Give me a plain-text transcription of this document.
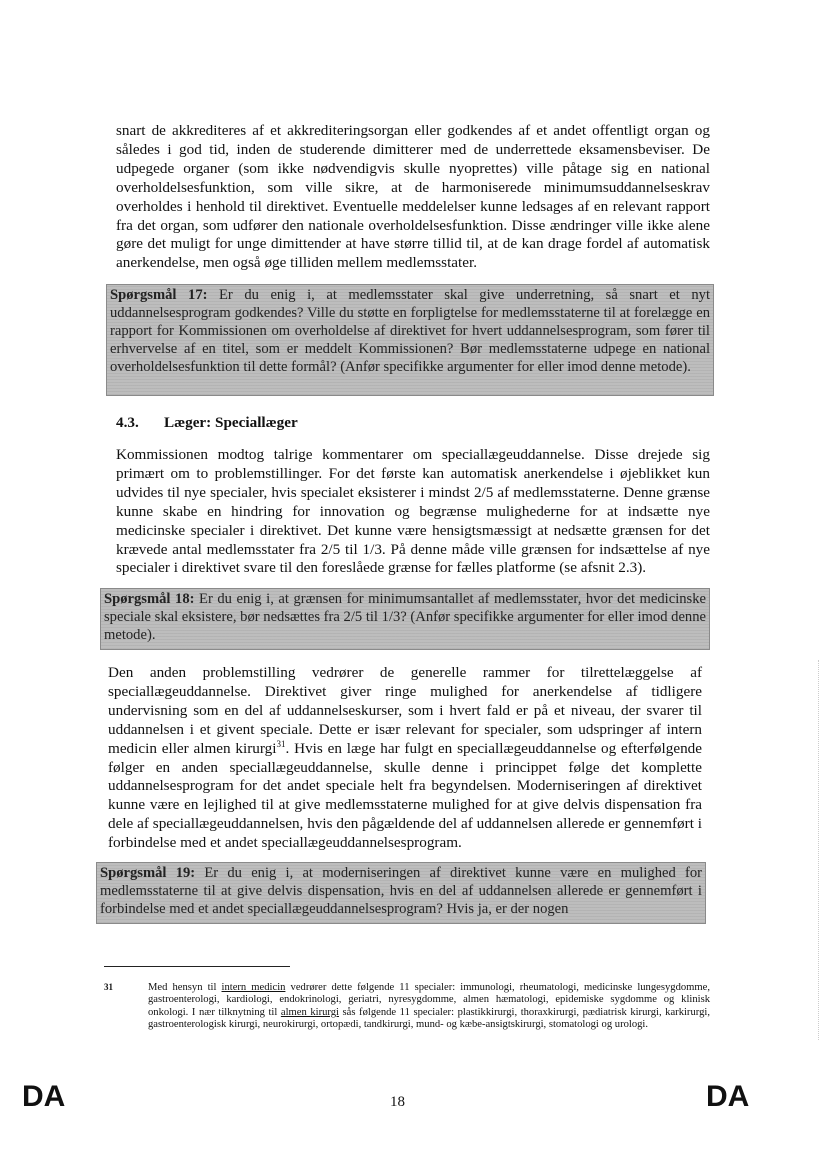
snart de akkrediteres af et akkrediteringsorgan eller godkendes af et andet offentligt organ og således i god tid, inden de studerende dimitterer med de underrettede eksamensbeviser. De udpegede organer (som ikke nødvendigvis skulle nyoprettes) ville påtage sig en national overholdelsesfunktion, som ville sikre, at de harmoniserede minimumsuddannelseskrav overholdes i henhold til direktivet. Eventuelle meddelelser kunne ledsages af en relevant rapport fra det organ, som udfører den nationale overholdelsesfunktion. Disse ændringer ville ikke alene gøre det muligt for unge dimittender at have større tillid til, at de kan drage fordel af automatisk anerkendelse, men også øge tilliden mellem medlemsstater.

Spørgsmål 17: Er du enig i, at medlemsstater skal give underretning, så snart et nyt uddannelsesprogram godkendes? Ville du støtte en forpligtelse for medlemsstaterne til at forelægge en rapport for Kommissionen om overholdelse af direktivet for hvert uddannelsesprogram, som fører til erhvervelse af en titel, som er meddelt Kommissionen? Bør medlemsstaterne udpege en national overholdelsesfunktion til dette formål? (Anfør specifikke argumenter for eller imod denne metode).
4.3. Læger: Speciallæger

Kommissionen modtog talrige kommentarer om speciallægeuddannelse. Disse drejede sig primært om to problemstillinger. For det første kan automatisk anerkendelse i øjeblikket kun udvides til nye specialer, hvis specialet eksisterer i mindst 2/5 af medlemsstaterne. Denne grænse kunne skabe en hindring for innovation og begrænse mulighederne for at indsætte nye medicinske specialer i direktivet. Det kunne være hensigtsmæssigt at nedsætte grænsen for det krævede antal medlemsstater fra 2/5 til 1/3. På denne måde ville grænsen for indsættelse af nye specialer i direktivet svare til den foreslåede grænse for fælles platforme (se afsnit 2.3).

Spørgsmål 18: Er du enig i, at grænsen for minimumsantallet af medlemsstater, hvor det medicinske speciale skal eksistere, bør nedsættes fra 2/5 til 1/3? (Anfør specifikke argumenter for eller imod denne metode).

Den anden problemstilling vedrører de generelle rammer for tilrettelæggelse af speciallægeuddannelse. Direktivet giver ringe mulighed for anerkendelse af tidligere undervisning som en del af uddannelseskurser, som i hvert fald er på et niveau, der svarer til uddannelsen i et givent speciale. Dette er især relevant for specialer, som udspringer af intern medicin eller almen kirurgi$^{31}$. Hvis en læge har fulgt en speciallægeuddannelse og efterfølgende følger en anden speciallægeuddannelse, skulle denne i princippet følge det komplette uddannelsesprogram for det andet speciale helt fra begyndelsen. Moderniseringen af direktivet kunne være en lejlighed til at give medlemsstaterne mulighed for at give delvis dispensation fra dele af speciallægeuddannelsen, hvis den pågældende del af uddannelsen allerede er gennemført i forbindelse med et andet speciallægeuddannelsesprogram.

Spørgsmål 19: Er du enig i, at moderniseringen af direktivet kunne være en mulighed for medlemsstaterne til at give delvis dispensation, hvis en del af uddannelsen allerede er gennemført i forbindelse med et andet speciallægeuddannelsesprogram? Hvis ja, er der nogen
31	Med hensyn til intern medicin vedrører dette følgende 11 specialer: immunologi, rheumatologi, medicinske lungesygdomme, gastroenterologi, kardiologi, endokrinologi, geriatri, nyresygdomme, almen hæmatologi, epidemiske sygdomme og klinisk onkologi. I nær tilknytning til almen kirurgi sås følgende 11 specialer: plastikkirurgi, thoraxkirurgi, pædiatrisk kirurgi, karkirurgi, gastroenterologisk kirurgi, neurokirurgi, ortopædi, tandkirurgi, mund- og kæbe-ansigtskirurgi, stomatologi og urologi.

DA	18	DA
